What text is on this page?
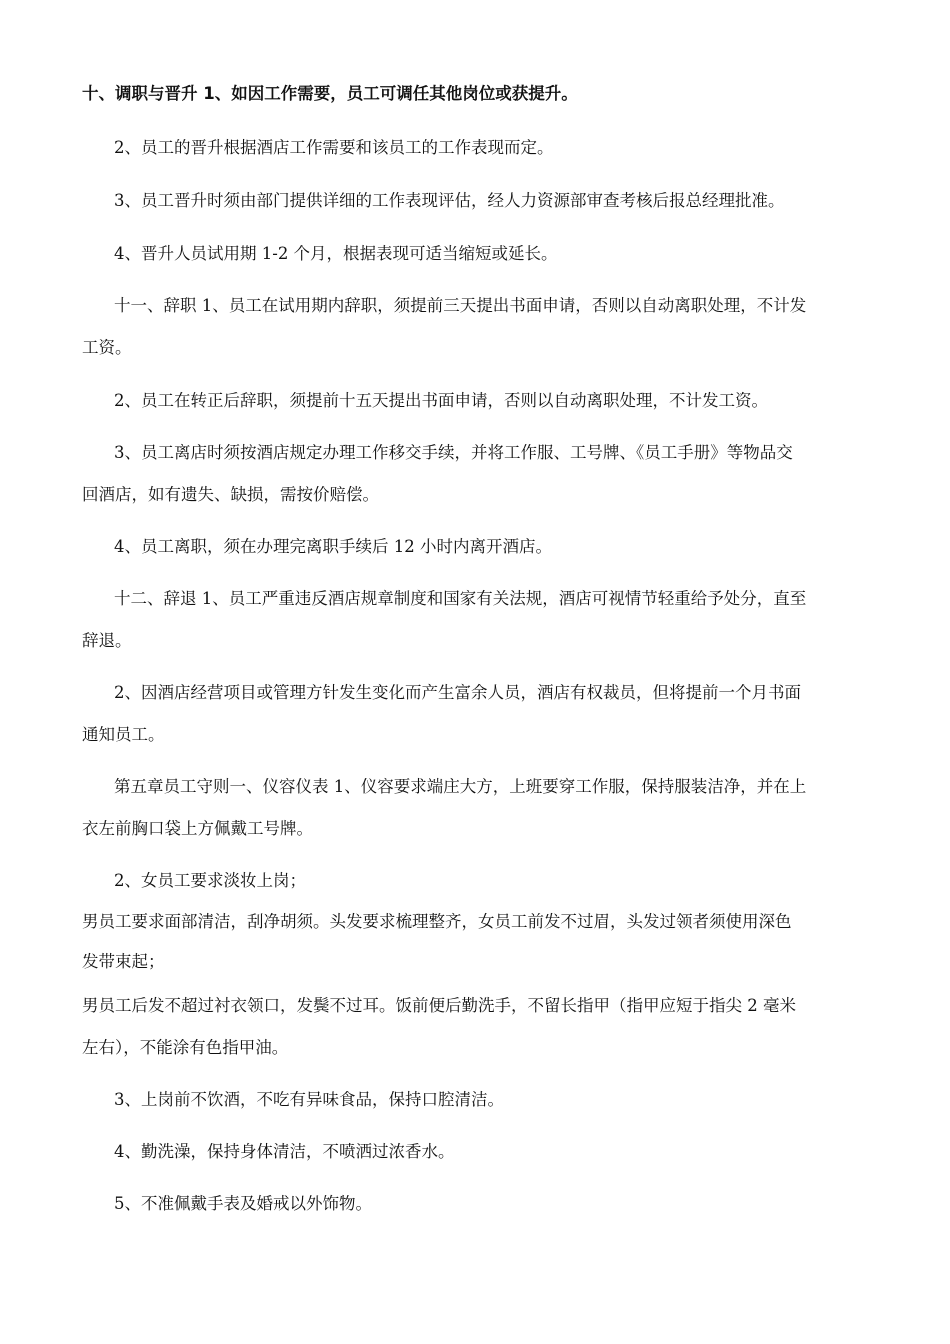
十、调职与晋升 1、如因工作需要，员工可调任其他岗位或获提升。
2、员工的晋升根据酒店工作需要和该员工的工作表现而定。
3、员工晋升时须由部门提供详细的工作表现评估，经人力资源部审查考核后报总经理批准。
4、晋升人员试用期 1-2 个月，根据表现可适当缩短或延长。
十一、辞职 1、员工在试用期内辞职，须提前三天提出书面申请，否则以自动离职处理，不计发
工资。
2、员工在转正后辞职，须提前十五天提出书面申请，否则以自动离职处理，不计发工资。
3、员工离店时须按酒店规定办理工作移交手续，并将工作服、工号牌、《员工手册》等物品交
回酒店，如有遗失、缺损，需按价赔偿。
4、员工离职，须在办理完离职手续后 12 小时内离开酒店。
十二、辞退 1、员工严重违反酒店规章制度和国家有关法规，酒店可视情节轻重给予处分，直至
辞退。
2、因酒店经营项目或管理方针发生变化而产生富余人员，酒店有权裁员，但将提前一个月书面
通知员工。
第五章员工守则一、仪容仪表 1、仪容要求端庄大方，上班要穿工作服，保持服装洁净，并在上
衣左前胸口袋上方佩戴工号牌。
2、女员工要求淡妆上岗；
男员工要求面部清洁，刮净胡须。头发要求梳理整齐，女员工前发不过眉，头发过领者须使用深色
发带束起；
男员工后发不超过衬衣领口，发鬓不过耳。饭前便后勤洗手，不留长指甲（指甲应短于指尖 2 毫米
左右），不能涂有色指甲油。
3、上岗前不饮酒，不吃有异味食品，保持口腔清洁。
4、勤洗澡，保持身体清洁，不喷洒过浓香水。
5、不准佩戴手表及婚戒以外饰物。
